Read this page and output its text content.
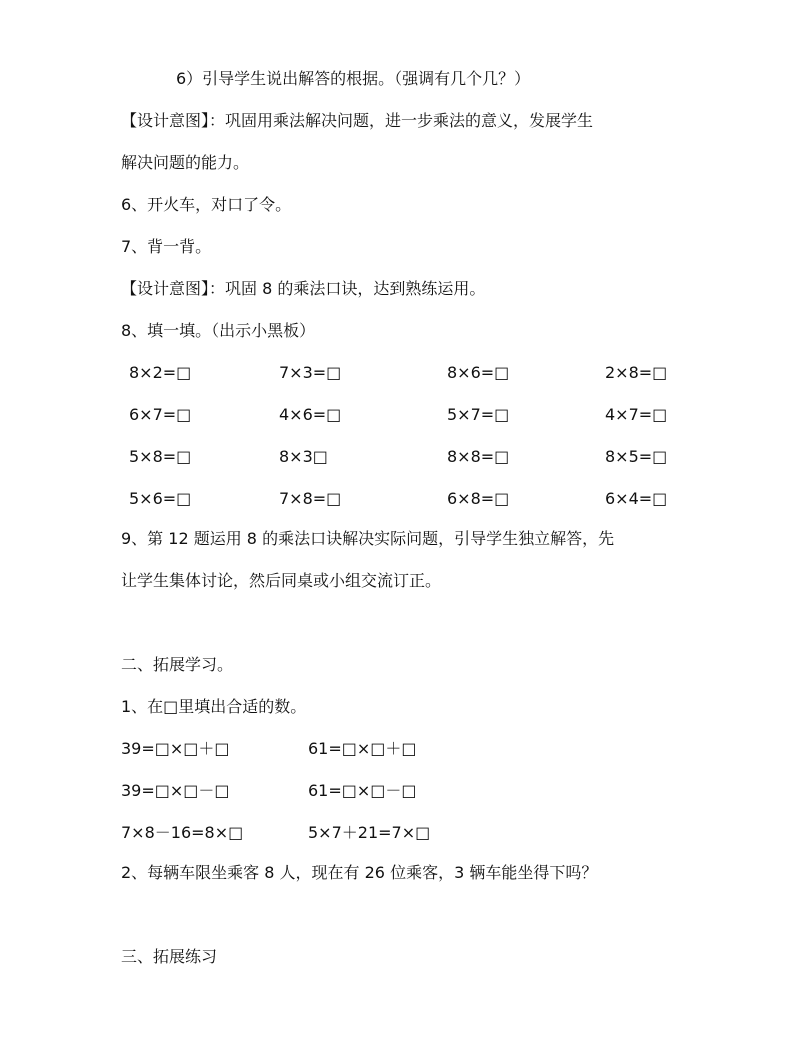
6）引导学生说出解答的根据。（强调有几个几？）
【设计意图】：巩固用乘法解决问题，进一步乘法的意义，发展学生
解决问题的能力。
6、开火车，对口了令。
7、背一背。
【设计意图】：巩固 8 的乘法口诀，达到熟练运用。
8、填一填。（出示小黑板）
8×2=□	7×3=□	8×6=□	2×8=□
6×7=□	4×6=□	5×7=□	4×7=□
5×8=□	8×3□	8×8=□	8×5=□
5×6=□	7×8=□	6×8=□	6×4=□
9、第 12 题运用 8 的乘法口诀解决实际问题，引导学生独立解答，先
让学生集体讨论，然后同桌或小组交流订正。
二、拓展学习。
1、在□里填出合适的数。
39=□×□＋□	61=□×□＋□
39=□×□－□	61=□×□－□
7×8－16=8×□	5×7＋21=7×□
2、每辆车限坐乘客 8 人，现在有 26 位乘客，3 辆车能坐得下吗？
三、拓展练习
